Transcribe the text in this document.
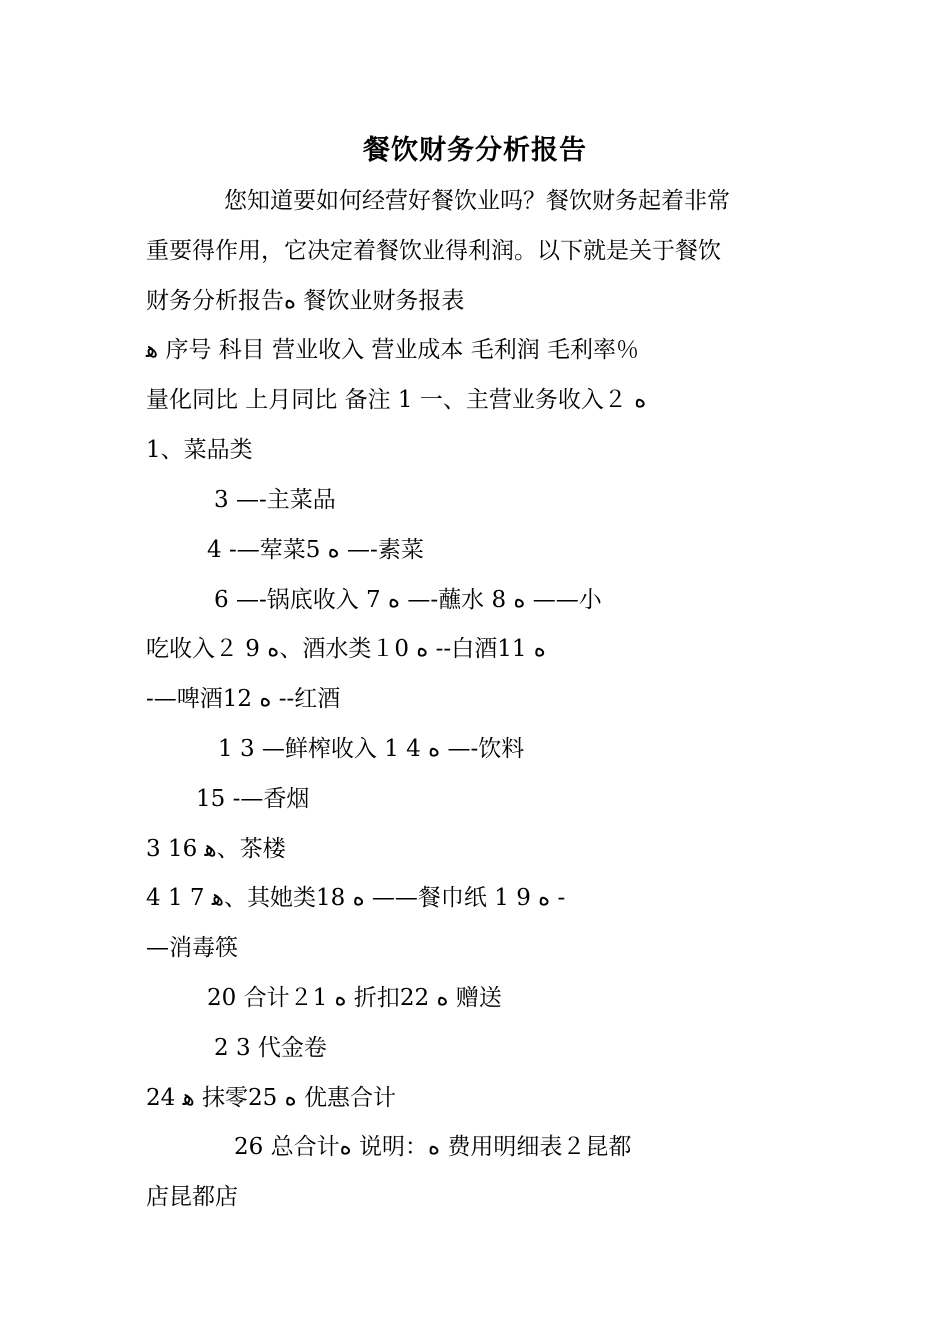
餐饮财务分析报告
您知道要如何经营好餐饮业吗？餐饮财务起着非常
重要得作用，它决定着餐饮业得利润。以下就是关于餐饮
财务分析报告ﻩ 餐饮业财务报表
ﻫ 序号 科目 营业收入 营业成本 毛利润 毛利率％
量化同比 上月同比 备注 1 一、主营业务收入２ ﻩ
1、菜品类
3 —-主菜品
4 -—荤菜5 ﻩ —-素菜
6 —-锅底收入 7 ﻩ —-蘸水 8 ﻩ ——小
吃收入２ 9 ﻩ、酒水类１0 ﻩ --白酒11 ﻩ
-—啤酒12 ﻩ --红酒
1 3 —鲜榨收入 1 4 ﻩ —-饮料
15 -—香烟
3 16 ﻫ、茶楼
4 1 7 ﻫ、其她类18 ﻩ ——餐巾纸 1 9 ﻩ -
—消毒筷
20 合计２1 ﻩ 折扣22 ﻩ 赠送
2 3 代金卷
24 ﻫ 抹零25 ﻩ 优惠合计
26 总合计ﻩ 说明：ﻩ 费用明细表２昆都
店昆都店
